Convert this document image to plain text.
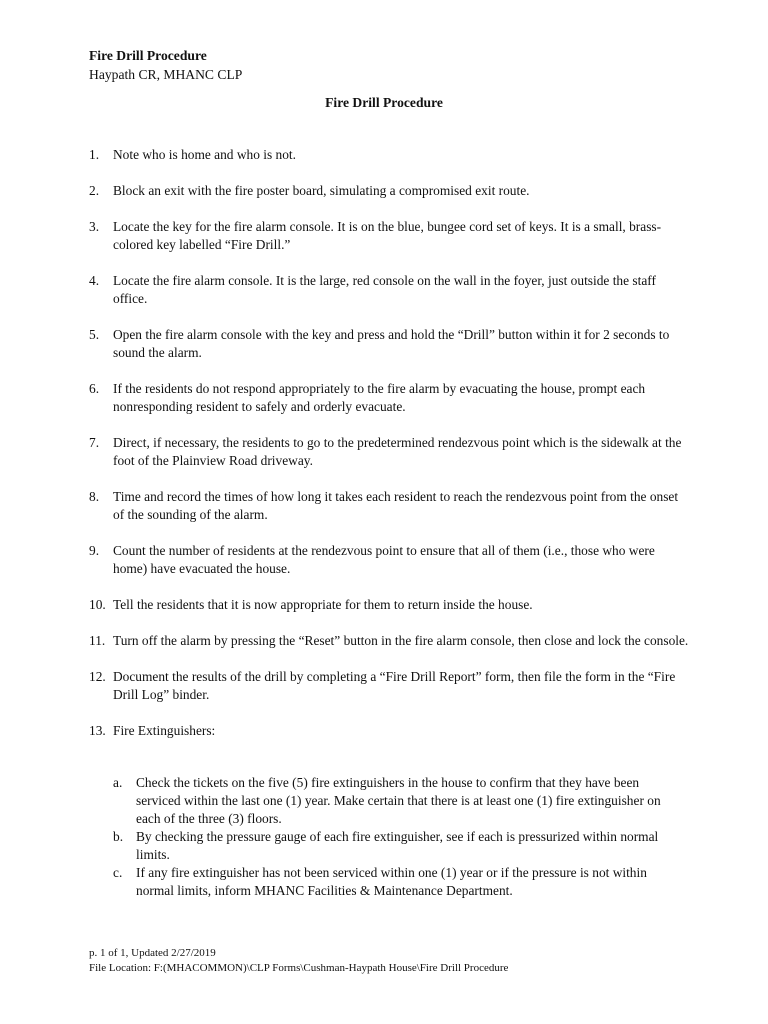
Fire Drill Procedure
Haypath CR, MHANC CLP
Fire Drill Procedure
1. Note who is home and who is not.
2. Block an exit with the fire poster board, simulating a compromised exit route.
3. Locate the key for the fire alarm console. It is on the blue, bungee cord set of keys. It is a small, brass-colored key labelled “Fire Drill.”
4. Locate the fire alarm console. It is the large, red console on the wall in the foyer, just outside the staff office.
5. Open the fire alarm console with the key and press and hold the “Drill” button within it for 2 seconds to sound the alarm.
6. If the residents do not respond appropriately to the fire alarm by evacuating the house, prompt each nonresponding resident to safely and orderly evacuate.
7. Direct, if necessary, the residents to go to the predetermined rendezvous point which is the sidewalk at the foot of the Plainview Road driveway.
8. Time and record the times of how long it takes each resident to reach the rendezvous point from the onset of the sounding of the alarm.
9. Count the number of residents at the rendezvous point to ensure that all of them (i.e., those who were home) have evacuated the house.
10. Tell the residents that it is now appropriate for them to return inside the house.
11. Turn off the alarm by pressing the “Reset” button in the fire alarm console, then close and lock the console.
12. Document the results of the drill by completing a “Fire Drill Report” form, then file the form in the “Fire Drill Log” binder.
13. Fire Extinguishers:
a. Check the tickets on the five (5) fire extinguishers in the house to confirm that they have been serviced within the last one (1) year. Make certain that there is at least one (1) fire extinguisher on each of the three (3) floors.
b. By checking the pressure gauge of each fire extinguisher, see if each is pressurized within normal limits.
c. If any fire extinguisher has not been serviced within one (1) year or if the pressure is not within normal limits, inform MHANC Facilities & Maintenance Department.
p. 1 of 1, Updated 2/27/2019
File Location: F:(MHACOMMON)\CLP Forms\Cushman-Haypath House\Fire Drill Procedure
